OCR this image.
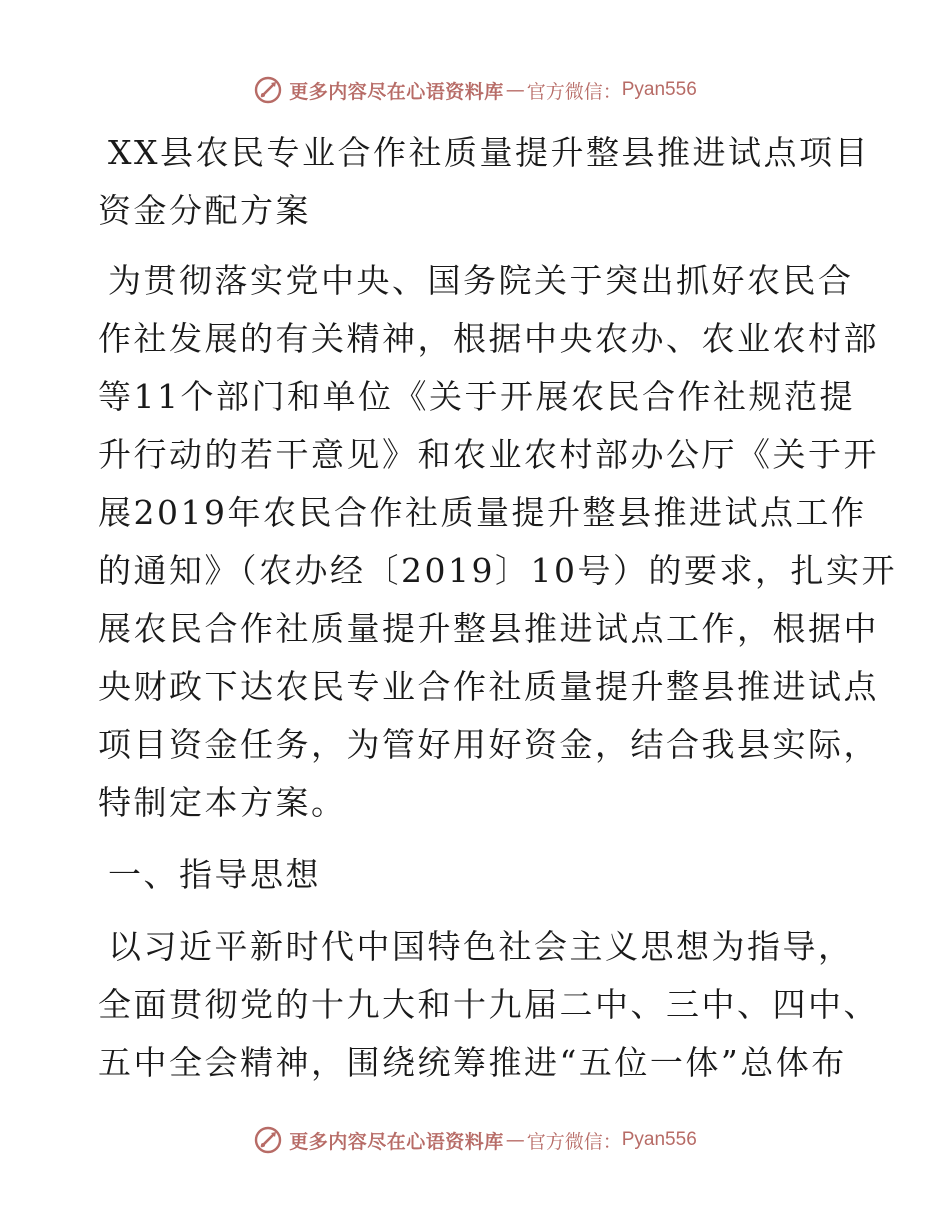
更多内容尽在心语资料库 — 官方微信： Pyan556
XX县农民专业合作社质量提升整县推进试点项目
资金分配方案
为贯彻落实党中央、国务院关于突出抓好农民合
作社发展的有关精神，根据中央农办、农业农村部
等11个部门和单位《关于开展农民合作社规范提
升行动的若干意见》和农业农村部办公厅《关于开
展2019年农民合作社质量提升整县推进试点工作
的通知》（农办经〔2019〕10号）的要求，扎实开
展农民合作社质量提升整县推进试点工作，根据中
央财政下达农民专业合作社质量提升整县推进试点
项目资金任务，为管好用好资金，结合我县实际，
特制定本方案。
一、指导思想
以习近平新时代中国特色社会主义思想为指导，
全面贯彻党的十九大和十九届二中、三中、四中、
五中全会精神，围绕统筹推进“五位一体”总体布
更多内容尽在心语资料库 — 官方微信： Pyan556
